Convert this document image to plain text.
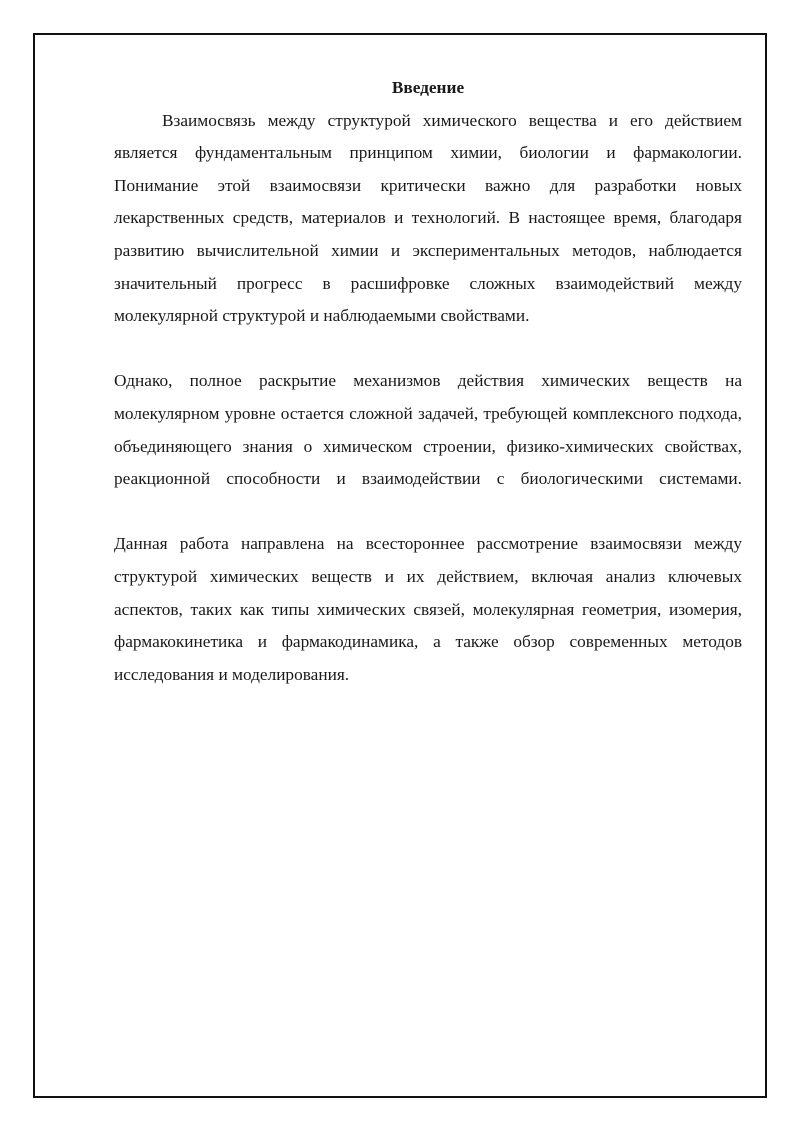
Введение

Взаимосвязь между структурой химического вещества и его действием является фундаментальным принципом химии, биологии и фармакологии. Понимание этой взаимосвязи критически важно для разработки новых лекарственных средств, материалов и технологий. В настоящее время, благодаря развитию вычислительной химии и экспериментальных методов, наблюдается значительный прогресс в расшифровке сложных взаимодействий между молекулярной структурой и наблюдаемыми свойствами.

Однако, полное раскрытие механизмов действия химических веществ на молекулярном уровне остается сложной задачей, требующей комплексного подхода, объединяющего знания о химическом строении, физико-химических свойствах, реакционной способности и взаимодействии с биологическими системами.

Данная работа направлена на всестороннее рассмотрение взаимосвязи между структурой химических веществ и их действием, включая анализ ключевых аспектов, таких как типы химических связей, молекулярная геометрия, изомерия, фармакокинетика и фармакодинамика, а также обзор современных методов исследования и моделирования.
